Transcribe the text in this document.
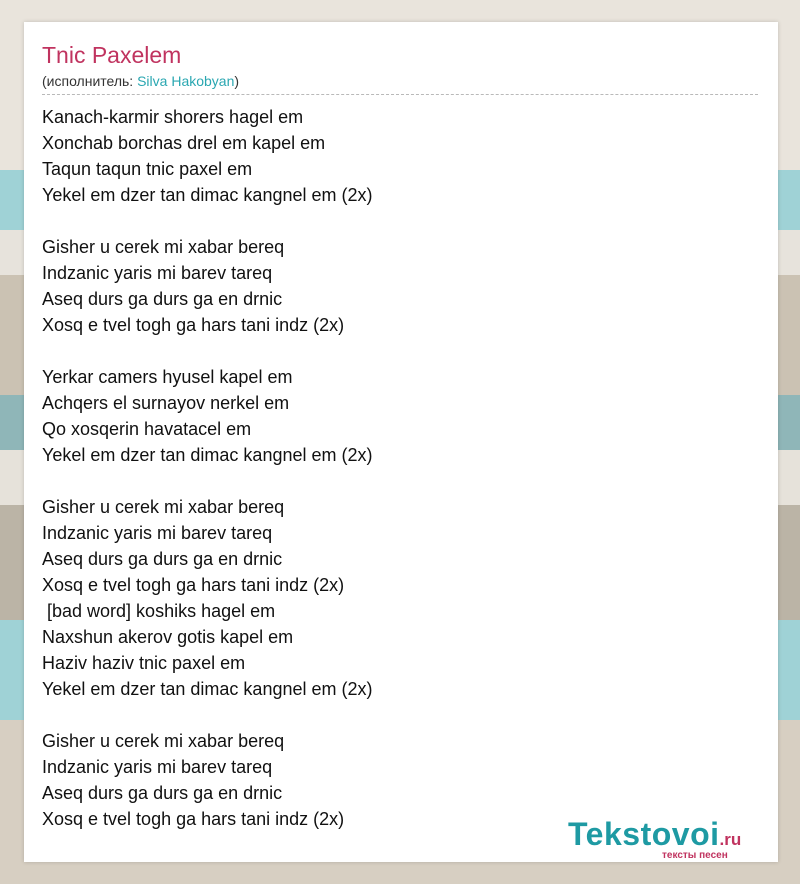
Tnic Paxelem
(исполнитель: Silva Hakobyan)
Kanach-karmir shorers hagel em
Xonchab borchas drel em kapel em
Taqun taqun tnic paxel em
Yekel em dzer tan dimac kangnel em (2x)
Gisher u cerek mi xabar bereq
Indzanic yaris mi barev tareq
Aseq durs ga durs ga en drnic
Xosq e tvel togh ga hars tani indz (2x)
Yerkar camers hyusel kapel em
Achqers el surnayov nerkel em
Qo xosqerin havatacel em
Yekel em dzer tan dimac kangnel em (2x)
Gisher u cerek mi xabar bereq
Indzanic yaris mi barev tareq
Aseq durs ga durs ga en drnic
Xosq e tvel togh ga hars tani indz (2x)
[bad word] koshiks hagel em
Naxshun akerov gotis kapel em
Haziv haziv tnic paxel em
Yekel em dzer tan dimac kangnel em (2x)
Gisher u cerek mi xabar bereq
Indzanic yaris mi barev tareq
Aseq durs ga durs ga en drnic
Xosq e tvel togh ga hars tani indz (2x)	Tekstovoi.ru
тексты песен
